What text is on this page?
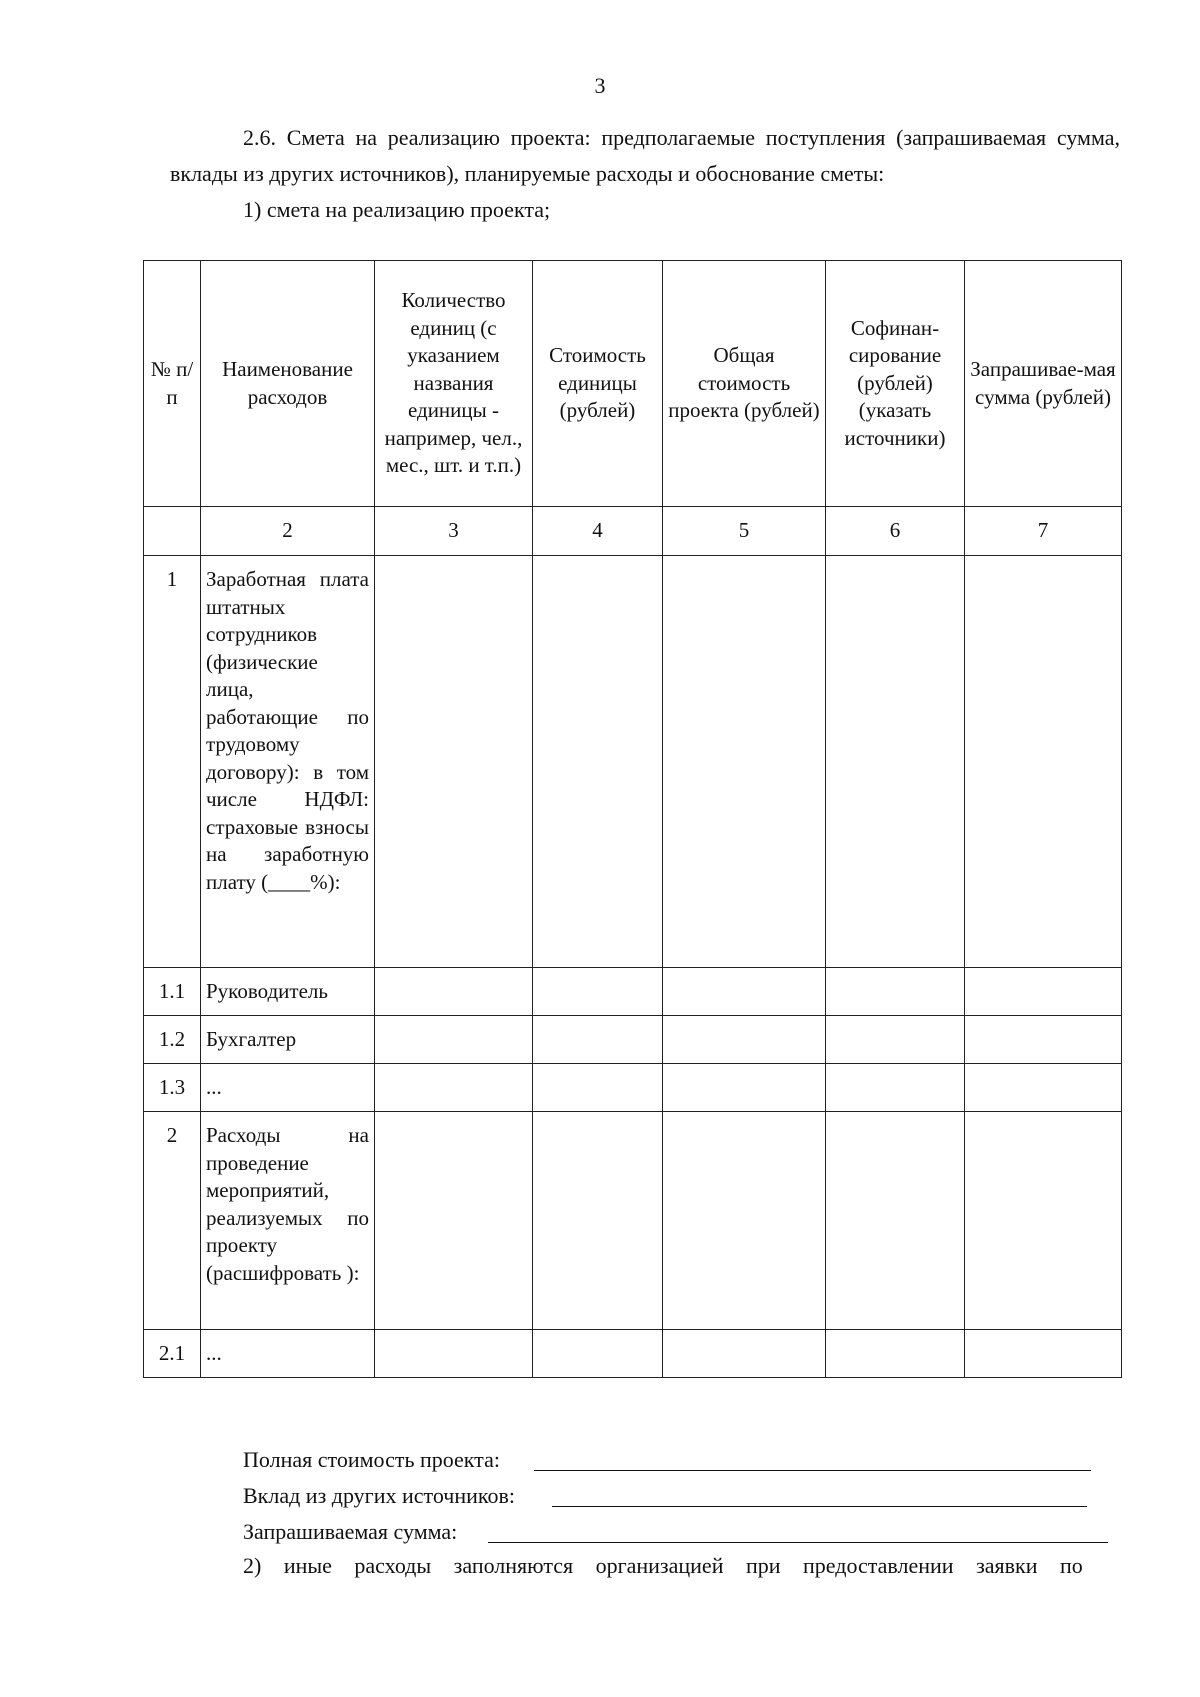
3
2.6. Смета на реализацию проекта: предполагаемые поступления (запрашиваемая сумма, вклады из других источников), планируемые расходы и обоснование сметы:
1) смета на реализацию проекта;
№ п/п	Наименование расходов	Количество единиц (с указанием названия единицы - например, чел., мес., шт. и т.п.)	Стоимость единицы (рублей)	Общая стоимость проекта (рублей)	Софинан-сирование (рублей) (указать источники)	Запрашивае-мая сумма (рублей)
	2	3	4	5	6	7
1	Заработная плата штатных сотрудников (физические лица, работающие по трудовому договору): в том числе НДФЛ: страховые взносы на заработную плату (____%):					
1.1	Руководитель					
1.2	Бухгалтер					
1.3	...					
2	Расходы на проведение мероприятий, реализуемых по проекту (расшифровать ):					
2.1	...					
Полная стоимость проекта:
Вклад из других источников:
Запрашиваемая сумма:
2) иные расходы заполняются организацией при предоставлении заявки по
